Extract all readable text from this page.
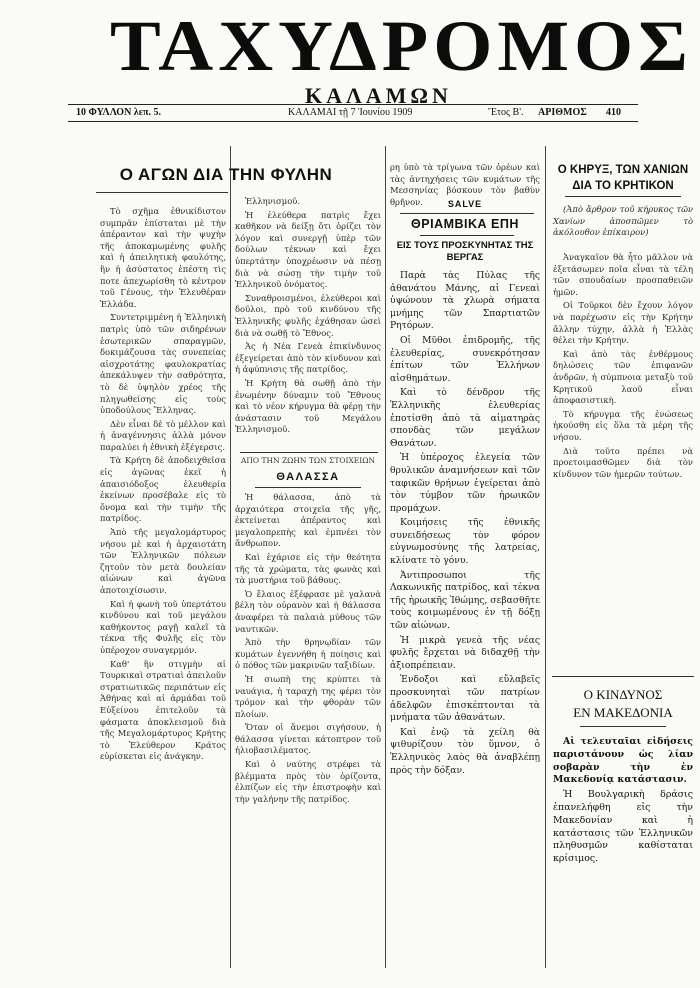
ΤΑΧΥΔΡΟΜΟΣ
ΚΑΛΑΜΩΝ
10 ΦΥΛΛΟΝ λεπ. 5.	ΚΑΛΑΜΑΙ τῇ 7 Ἰουνίου 1909	Ἔτος Β'. ΑΡΙΘΜΟΣ 410
Ο ΑΓΩΝ ΔΙΑ ΤΗΝ ΦΥΛΗΝ

Τὸ σχῆμα ἐθνικίδιστον συμπρᾶν ἐπίσταται μὲ τὴν ἀπέραντον καὶ τὴν ψυχὴν τῆς ἀποκαμωμένης φυλῆς καὶ ἡ ἀπειλητικὴ φαυλότης, ἣν ἡ ἀσύστατος ἐπέστη τὶς ποτε ἀπεχωρίσθη τὸ κέντρον τοῦ Γένους, τὴν Ἑλευθέραν Ἑλλάδα.

Συντετριμμένη ἡ Ἑλληνικὴ πατρὶς ὑπὸ τῶν σιδηρένων ἐσωτερικῶν σπαραγμῶν, δοκιμάζουσα τὰς συνεπείας αἰσχροτάτης φαυλοκρατίας ἀπεκάλυψεν τὴν σαθρότητα, τὸ δὲ ὑψηλὸν χρέος τῆς πληγωθείσης εἰς τοὺς ὑποδούλους Ἕλληνας.

Δὲν εἶναι δὲ τὸ μέλλον καὶ ἡ ἀναγέννησις ἀλλὰ μόνον παραλύει ἡ ἐθνικὴ ἐξέγερσις.

Τὰ Κρήτη δὲ ἀποδειχθεῖσα εἰς ἀγῶνας ἐκεῖ ἡ ἀπαισιόδοξος ἐλευθερία ἐκείνων προσέβαλε εἰς τὸ ὄνομα καὶ τὴν τιμὴν τῆς πατρίδος.

Ἀπὸ τῆς μεγαλομάρτυρος νήσου μὲ καὶ ἡ ἀρχαιοτάτη τῶν Ἑλληνικῶν πόλεων ζητοῦν τὸν μετὰ δουλείαν αἰώνων καὶ ἀγῶνα ἀποτοιχίσωσιν.

Καὶ ἡ φωνὴ τοῦ ὑπερτάτου κινδύνου καὶ τοῦ μεγάλου καθήκοντος ραγῇ καλεῖ τὰ τέκνα τῆς Φυλῆς εἰς τὸν ὑπέροχον συναγερμόν.

Καθ' ἣν στιγμὴν αἱ Τουρκικαὶ στρατιαὶ ἀπειλοῦν στρατιωτικῶς περιπάτων εἰς Ἀθήνας καὶ αἱ ἀρμάδαι τοῦ Εὐξείνου ἐπιτελοῦν τὰ φάσματα ἀποκλεισμοῦ διὰ τῆς Μεγαλομάρτυρος Κρήτης τὸ Ἑλεύθερον Κράτος εὑρίσκεται εἰς ἀνάγκην.

Ἑλληνισμοῦ.

Ἡ ἐλεύθερα πατρὶς ἔχει καθῆκον νὰ δείξῃ ὅτι ὁρίζει τὸν λόγον καὶ συνεργῇ ὑπὲρ τῶν δούλων τέκνων καὶ ἔχει ὑπερτάτην ὑποχρέωσιν νὰ πέσῃ διὰ νὰ σώσῃ τὴν τιμὴν τοῦ Ἑλληνικοῦ ὀνόματος.

Συναθροισμένοι, ἐλεύθεροι καὶ δοῦλοι, πρὸ τοῦ κινδύνου τῆς Ἑλληνικῆς φυλῆς ἐχάθησαν ὡσεὶ διὰ νὰ σωθῇ τὸ Ἔθνος.

Ἀς ἡ Νέα Γενεὰ ἐπικίνδυνος ἐξεγείρεται ἀπὸ τὸν κίνδυνον καὶ ἡ ἀφύπνισις τῆς πατρίδος.

Ἡ Κρήτη θὰ σωθῇ ἀπὸ τὴν ἑνωμένην δύναμιν τοῦ Ἔθνους καὶ τὸ νέον κήρυγμα θὰ φέρῃ τὴν ἀνάστασιν τοῦ Μεγάλου Ἑλληνισμοῦ.

ΑΠΟ ΤΗΝ ΖΩΗΝ ΤΩΝ ΣΤΟΙΧΕΙΩΝ

ΘΑΛΑΣΣΑ

Ἡ θάλασσα, ἀπὸ τὰ ἀρχαιότερα στοιχεῖα τῆς γῆς, ἐκτείνεται ἀπέραντος καὶ μεγαλοπρεπὴς καὶ ἐμπνέει τὸν ἄνθρωπον.

Καὶ ἐχάρισε εἰς τὴν θεότητα τῆς τὰ χρώματα, τὰς φωνὰς καὶ τὰ μυστήρια τοῦ βάθους.

Ὁ ἔλαιος ἐξέφρασε μὲ γαλανὰ βέλη τὸν οὐρανὸν καὶ ἡ θάλασσα ἀναφέρει τὰ παλαιὰ μύθους τῶν ναυτικῶν.

Ἀπὸ τὴν θρηνῳδίαν τῶν κυμάτων ἐγεννήθη ἡ ποίησις καὶ ὁ πόθος τῶν μακρινῶν ταξιδίων.

Ἡ σιωπὴ της κρύπτει τὰ ναυάγια, ἡ ταραχὴ της φέρει τὸν τρόμον καὶ τὴν φθορὰν τῶν πλοίων.

Ὅταν οἱ ἄνεμοι σιγήσουν, ἡ θάλασσα γίνεται κάτοπτρον τοῦ ἡλιοβασιλέματος.

Καὶ ὁ ναύτης στρέφει τὰ βλέμματα πρὸς τὸν ὁρίζοντα, ἐλπίζων εἰς τὴν ἐπιστροφὴν καὶ τὴν γαλήνην τῆς πατρίδος.

ρη ὑπὸ τὰ τρίγωνα τῶν ὀρέων καὶ τὰς ἀντηχήσεις τῶν κυμάτων τῆς Μεσσηνίας βόσκουν τὸν βαθὺν θρῆνον.	SALVE

ΘΡΙΑΜΒΙΚΑ ΕΠΗ
ΕΙΣ ΤΟΥΣ ΠΡΟΣΚΥΝΗΤΑΣ ΤΗΣ ΒΕΡΓΑΣ

Παρὰ τὰς Πύλας τῆς ἀθανάτου Μάνης, αἱ Γενεαὶ ὑψώνουν τὰ χλωρὰ σήματα μνήμης τῶν Σπαρτιατῶν Ρητόρων.

Οἱ Μῦθοι ἐπιδρομῆς, τῆς ἐλευθερίας, συνεκρότησαν ἐπίτων τῶν Ἑλλήνων αἰσθημάτων.

Καὶ τὸ δένδρον τῆς Ἑλληνικῆς ἐλευθερίας ἐποτίσθη ἀπὸ τὰ αἱματηρὰς σπονδὰς τῶν μεγάλων Θανάτων.

Ἡ ὑπέροχος ἐλεγεία τῶν θρυλικῶν ἀναμνήσεων καὶ τῶν ταφικῶν θρήνων ἐγείρεται ἀπὸ τὸν τύμβον τῶν ἡρωικῶν προμάχων.

Κοιμήσεις τῆς ἐθνικῆς συνειδήσεως τὸν φόρον εὐγνωμοσύνης τῆς λατρείας, κλίνατε τὸ γόνυ.

Ἀντιπροσωποι τῆς Λακωνικῆς πατρίδος, καὶ τέκνα τῆς ἡρωικῆς Ἰθώμης, σεβασθῆτε τοὺς κοιμωμένους ἐν τῇ δόξῃ τῶν αἰώνων.

Ἡ μικρὰ γενεὰ τῆς νέας φυλῆς ἔρχεται νὰ διδαχθῇ τὴν ἀξιοπρέπειαν.

Ἐνδοξοι καὶ εὔλαβεῖς προσκυνηταὶ τῶν πατρίων ἀδελφῶν ἐπισκέπτονται τὰ μνήματα τῶν ἀθανάτων.

Καὶ ἐνῷ τὰ χείλη θὰ ψιθυρίζουν τὸν ὕμνον, ὁ Ἑλληνικὸς λαὸς θὰ ἀναβλέπῃ πρὸς τὴν δόξαν.

Ο ΚΗΡΥΞ, ΤΩΝ ΧΑΝΙΩΝ
ΔΙΑ ΤΟ ΚΡΗΤΙΚΟΝ

(Ἀπὸ ἄρθρον τοῦ κήρυκος τῶν Χανίων ἀποσπῶμεν τὸ ἀκόλουθον ἐπίκαιρον)

Ἀναγκαῖον θὰ ἦτο μᾶλλον νὰ ἐξετάσωμεν ποῖα εἶναι τὰ τέλη τῶν σπουδαίων προσπαθειῶν ἡμῶν.

Οἱ Τοῦρκοι δὲν ἔχουν λόγον νὰ παρέχωσιν εἰς τὴν Κρήτην ἄλλην τύχην, ἀλλὰ ἡ Ἑλλὰς θέλει τὴν Κρήτην.

Καὶ ἀπὸ τὰς ἐνθέρμους δηλώσεις τῶν ἐπιφανῶν ἀνδρῶν, ἡ σύμπνοια μεταξὺ τοῦ Κρητικοῦ λαοῦ εἶναι ἀποφασιστικὴ.

Τὸ κήρυγμα τῆς ἑνώσεως ἠκούσθη εἰς ὅλα τὰ μέρη τῆς νήσου.

Διὰ τοῦτο πρέπει νὰ προετοιμασθῶμεν διὰ τὸν κίνδυνον τῶν ἡμερῶν τούτων.

Ο ΚΙΝΔΥΝΟΣ
ΕΝ ΜΑΚΕΔΟΝΙΑ

Αἱ τελευταῖαι εἰδήσεις παριστάνουν ὡς λίαν σοβαρὰν τὴν ἐν Μακεδονίᾳ κατάστασιν.

Ἡ Βουλγαρικὴ δράσις ἐπανελήφθη εἰς τὴν Μακεδονίαν καὶ ἡ κατάστασις τῶν Ἑλληνικῶν πληθυσμῶν καθίσταται κρίσιμος.
